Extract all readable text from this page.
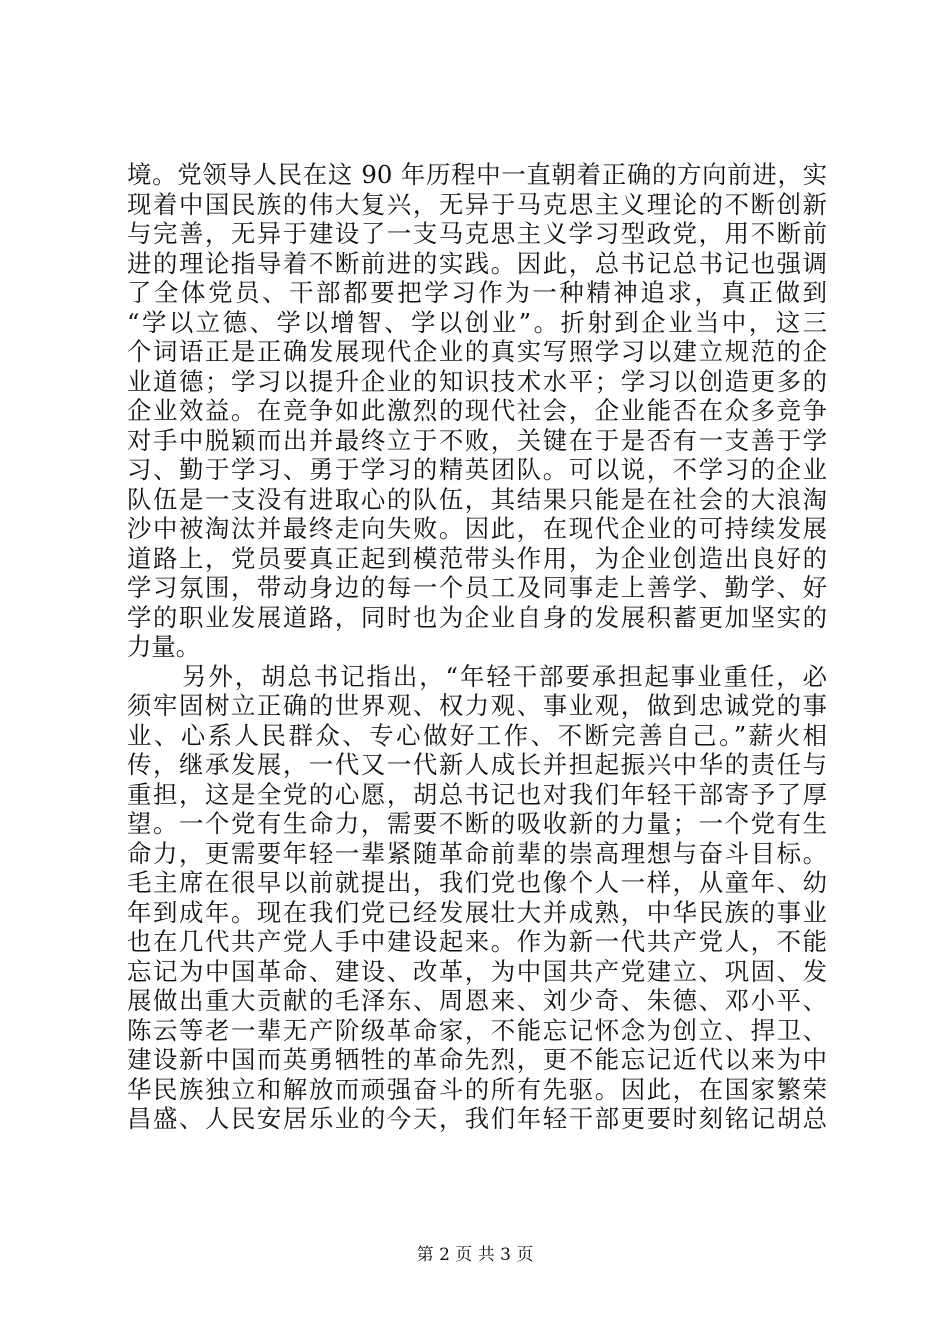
境。党领导人民在这 90 年历程中一直朝着正确的方向前进，实
现着中国民族的伟大复兴，无异于马克思主义理论的不断创新
与完善，无异于建设了一支马克思主义学习型政党，用不断前
进的理论指导着不断前进的实践。因此，总书记总书记也强调
了全体党员、干部都要把学习作为一种精神追求，真正做到
“学以立德、学以增智、学以创业”。折射到企业当中，这三
个词语正是正确发展现代企业的真实写照学习以建立规范的企
业道德；学习以提升企业的知识技术水平；学习以创造更多的
企业效益。在竞争如此激烈的现代社会，企业能否在众多竞争
对手中脱颖而出并最终立于不败，关键在于是否有一支善于学
习、勤于学习、勇于学习的精英团队。可以说，不学习的企业
队伍是一支没有进取心的队伍，其结果只能是在社会的大浪淘
沙中被淘汰并最终走向失败。因此，在现代企业的可持续发展
道路上，党员要真正起到模范带头作用，为企业创造出良好的
学习氛围，带动身边的每一个员工及同事走上善学、勤学、好
学的职业发展道路，同时也为企业自身的发展积蓄更加坚实的
力量。
另外，胡总书记指出，“年轻干部要承担起事业重任，必
须牢固树立正确的世界观、权力观、事业观，做到忠诚党的事
业、心系人民群众、专心做好工作、不断完善自己。”薪火相
传，继承发展，一代又一代新人成长并担起振兴中华的责任与
重担，这是全党的心愿，胡总书记也对我们年轻干部寄予了厚
望。一个党有生命力，需要不断的吸收新的力量；一个党有生
命力，更需要年轻一辈紧随革命前辈的崇高理想与奋斗目标。
毛主席在很早以前就提出，我们党也像个人一样，从童年、幼
年到成年。现在我们党已经发展壮大并成熟，中华民族的事业
也在几代共产党人手中建设起来。作为新一代共产党人，不能
忘记为中国革命、建设、改革，为中国共产党建立、巩固、发
展做出重大贡献的毛泽东、周恩来、刘少奇、朱德、邓小平、
陈云等老一辈无产阶级革命家，不能忘记怀念为创立、捍卫、
建设新中国而英勇牺牲的革命先烈，更不能忘记近代以来为中
华民族独立和解放而顽强奋斗的所有先驱。因此，在国家繁荣
昌盛、人民安居乐业的今天，我们年轻干部更要时刻铭记胡总
第 2 页 共 3 页
